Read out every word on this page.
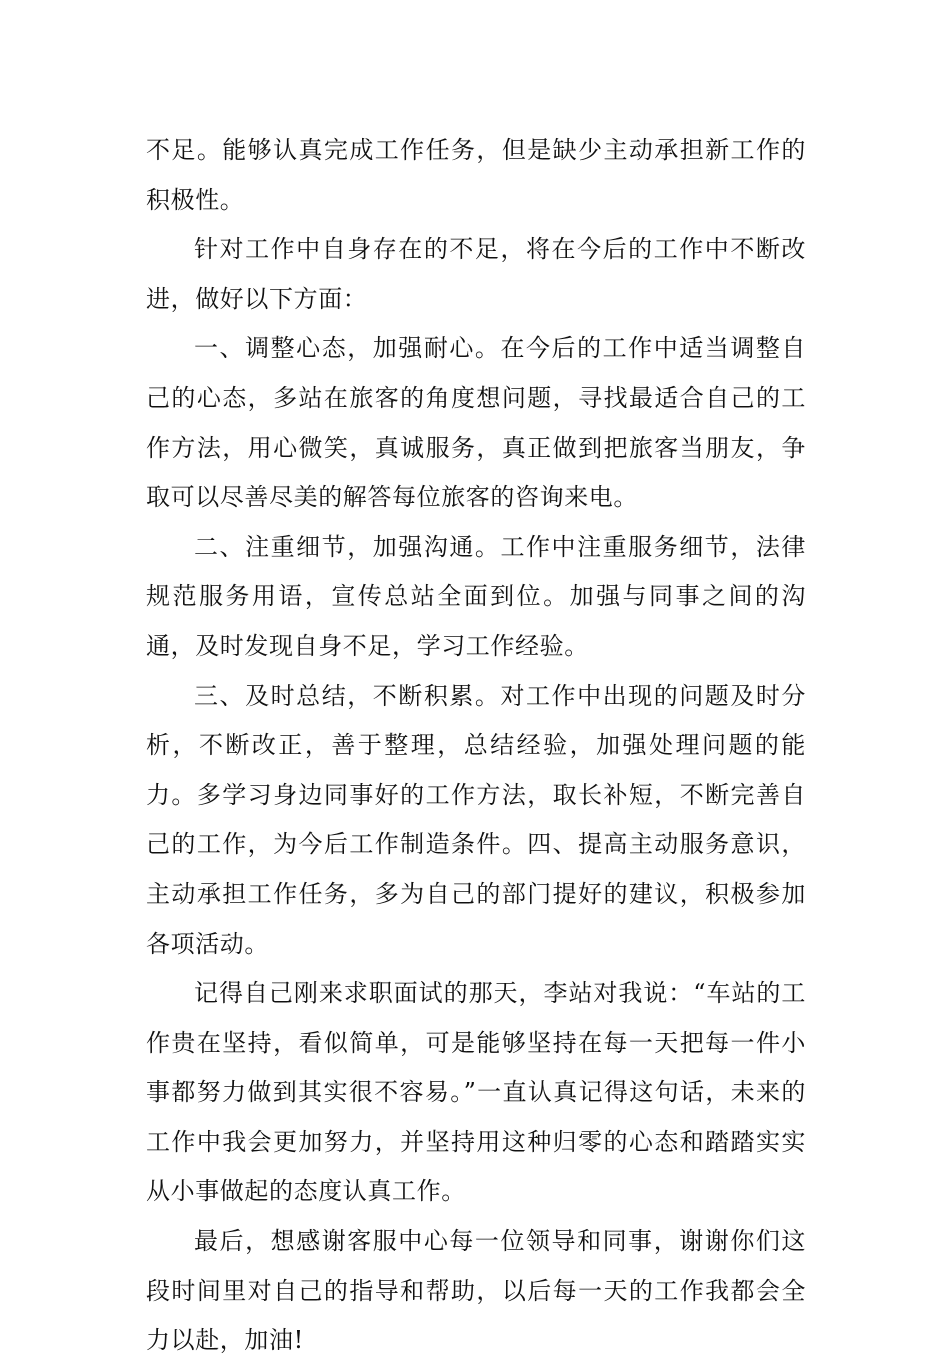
不足。能够认真完成工作任务，但是缺少主动承担新工作的积极性。

针对工作中自身存在的不足，将在今后的工作中不断改进，做好以下方面：

一、调整心态，加强耐心。在今后的工作中适当调整自己的心态，多站在旅客的角度想问题，寻找最适合自己的工作方法，用心微笑，真诚服务，真正做到把旅客当朋友，争取可以尽善尽美的解答每位旅客的咨询来电。

二、注重细节，加强沟通。工作中注重服务细节，法律规范服务用语，宣传总站全面到位。加强与同事之间的沟通，及时发现自身不足，学习工作经验。

三、及时总结，不断积累。对工作中出现的问题及时分析，不断改正，善于整理，总结经验，加强处理问题的能力。多学习身边同事好的工作方法，取长补短，不断完善自己的工作，为今后工作制造条件。四、提高主动服务意识，主动承担工作任务，多为自己的部门提好的建议，积极参加各项活动。

记得自己刚来求职面试的那天，李站对我说：“车站的工作贵在坚持，看似简单，可是能够坚持在每一天把每一件小事都努力做到其实很不容易。”一直认真记得这句话，未来的工作中我会更加努力，并坚持用这种归零的心态和踏踏实实从小事做起的态度认真工作。

最后，想感谢客服中心每一位领导和同事，谢谢你们这段时间里对自己的指导和帮助，以后每一天的工作我都会全力以赴，加油!
